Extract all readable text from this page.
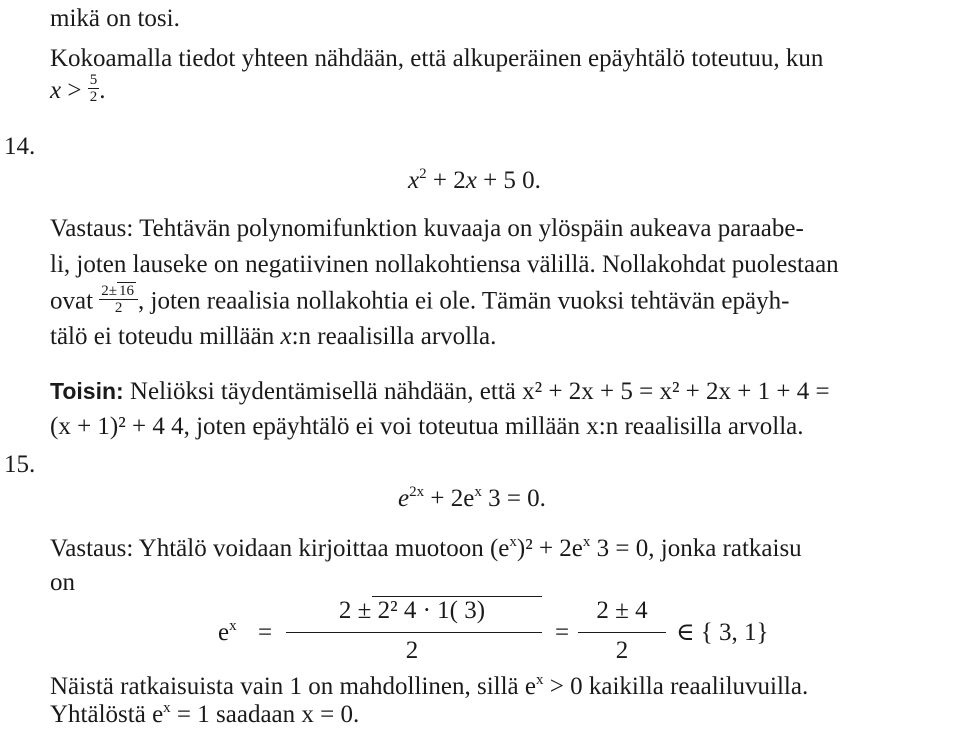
mikä on tosi.
Kokoamalla tiedot yhteen nähdään, että alkuperäinen epäyhtälö toteutuu, kun
$x > \frac{5}{2}$ .
14.
$x^2 + 2x + 5$ 0.
Vastaus: Tehtävän polynomifunktion kuvaaja on ylöspäin aukeava paraabe-
li, joten lauseke on negatiivinen nollakohtiensa välillä. Nollakohdat puolestaan
ovat $\frac{2\pm 16}{2}$ , joten reaalisia nollakohtia ei ole. Tämän vuoksi tehtävän epäyh-
tälö ei toteudu millään x:n reaalisilla arvolla.
Toisin: Neliöksi täydentämisellä nähdään, että x² + 2x + 5 = x² + 2x + 1 + 4 =
(x + 1)² + 4 4, joten epäyhtälö ei voi toteutua millään x:n reaalisilla arvolla.
15.
$e^{2x} + 2e^x$ 3 = 0.
Vastaus: Yhtälö voidaan kirjoittaa muotoon $(e^x)^2 + 2e^x$ 3 = 0, jonka ratkaisu
on
$e^x$ =
2 ± 2² 4 · 1( 3)
2
=
2 ± 4
2
∈ { 3, 1}
Näistä ratkaisuista vain 1 on mahdollinen, sillä $e^x > 0$ kaikilla reaaliluvuilla.
Yhtälöstä $e^x = 1$ saadaan x = 0.
